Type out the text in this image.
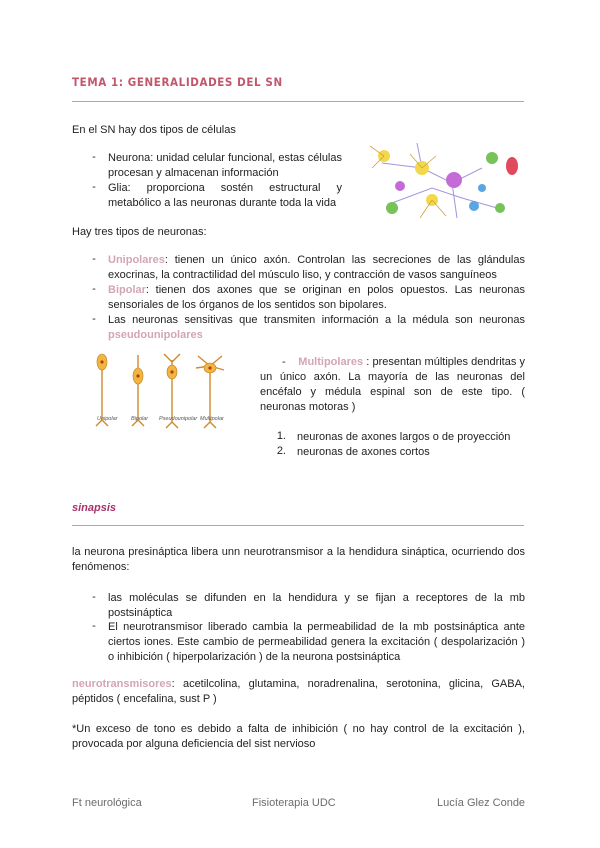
TEMA 1: GENERALIDADES DEL SN
En el SN hay dos tipos de células
-	Neurona: unidad celular funcional, estas células procesan y almacenan información
-	Glia: proporciona sostén estructural y metabólico a las neuronas durante toda la vida
Hay tres tipos de neuronas:
-	Unipolares: tienen un único axón. Controlan las secreciones de las glándulas exocrinas, la contractilidad del músculo liso, y contracción de vasos sanguíneos
-	Bipolar: tienen dos axones que se originan en polos opuestos. Las neuronas sensoriales de los órganos de los sentidos son bipolares.
-	Las neuronas sensitivas que transmiten información a la médula son neuronas pseudounipolares
Unipolar Bipolar Pseudounipolar Multipolar
-    Multipolares : presentan múltiples dendritas y un único axón. La mayoría de las neuronas del encéfalo y médula espinal son de este tipo. ( neuronas motoras )
1. neuronas de axones largos o de proyección
2. neuronas de axones cortos
sinapsis
la neurona presináptica libera unn neurotransmisor a la hendidura sináptica, ocurriendo dos fenómenos:
-	las moléculas se difunden en la hendidura y se fijan a receptores de la mb postsináptica
-	El neurotransmisor liberado cambia la permeabilidad de la mb postsináptica ante ciertos iones. Este cambio de permeabilidad genera la excitación ( despolarización ) o inhibición ( hiperpolarización ) de la neurona postsináptica
neurotransmisores: acetilcolina, glutamina, noradrenalina, serotonina, glicina, GABA, péptidos ( encefalina, sust P )
*Un exceso de tono es debido a falta de inhibición ( no hay control de la excitación ), provocada por alguna deficiencia del sist nervioso
Ft neurológica	Fisioterapia UDC	Lucía Glez Conde
